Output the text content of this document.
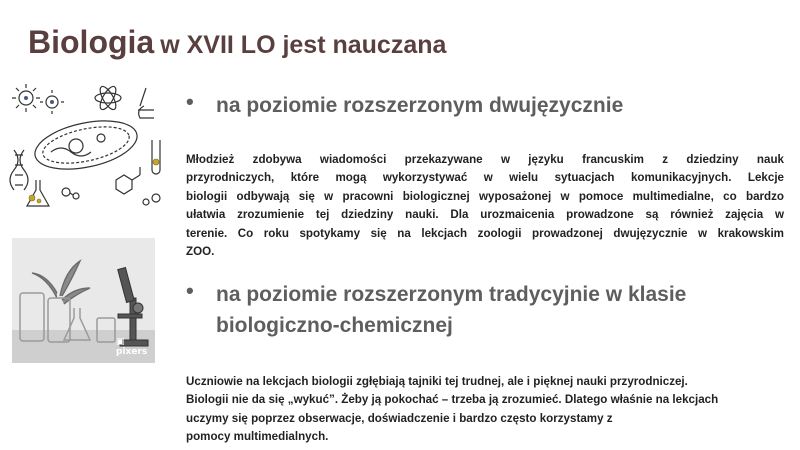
Biologia w XVII LO jest nauczana
▣ pixers
• na poziomie rozszerzonym dwujęzycznie
Młodzież zdobywa wiadomości przekazywane w języku francuskim z dziedziny nauk
przyrodniczych, które mogą wykorzystywać w wielu sytuacjach komunikacyjnych. Lekcje
biologii odbywają się w pracowni biologicznej wyposażonej w pomoce multimedialne, co bardzo
ułatwia zrozumienie tej dziedziny nauki. Dla urozmaicenia prowadzone są również zajęcia w
terenie. Co roku spotykamy się na lekcjach zoologii prowadzonej dwujęzycznie w krakowskim
ZOO.
• na poziomie rozszerzonym tradycyjnie w klasie
biologiczno-chemicznej
Uczniowie na lekcjach biologii zgłębiają tajniki tej trudnej, ale i pięknej nauki przyrodniczej.
Biologii nie da się „wykuć”. Żeby ją pokochać – trzeba ją zrozumieć. Dlatego właśnie na lekcjach
uczymy się poprzez obserwacje, doświadczenie i bardzo często korzystamy z
pomocy multimedialnych.
